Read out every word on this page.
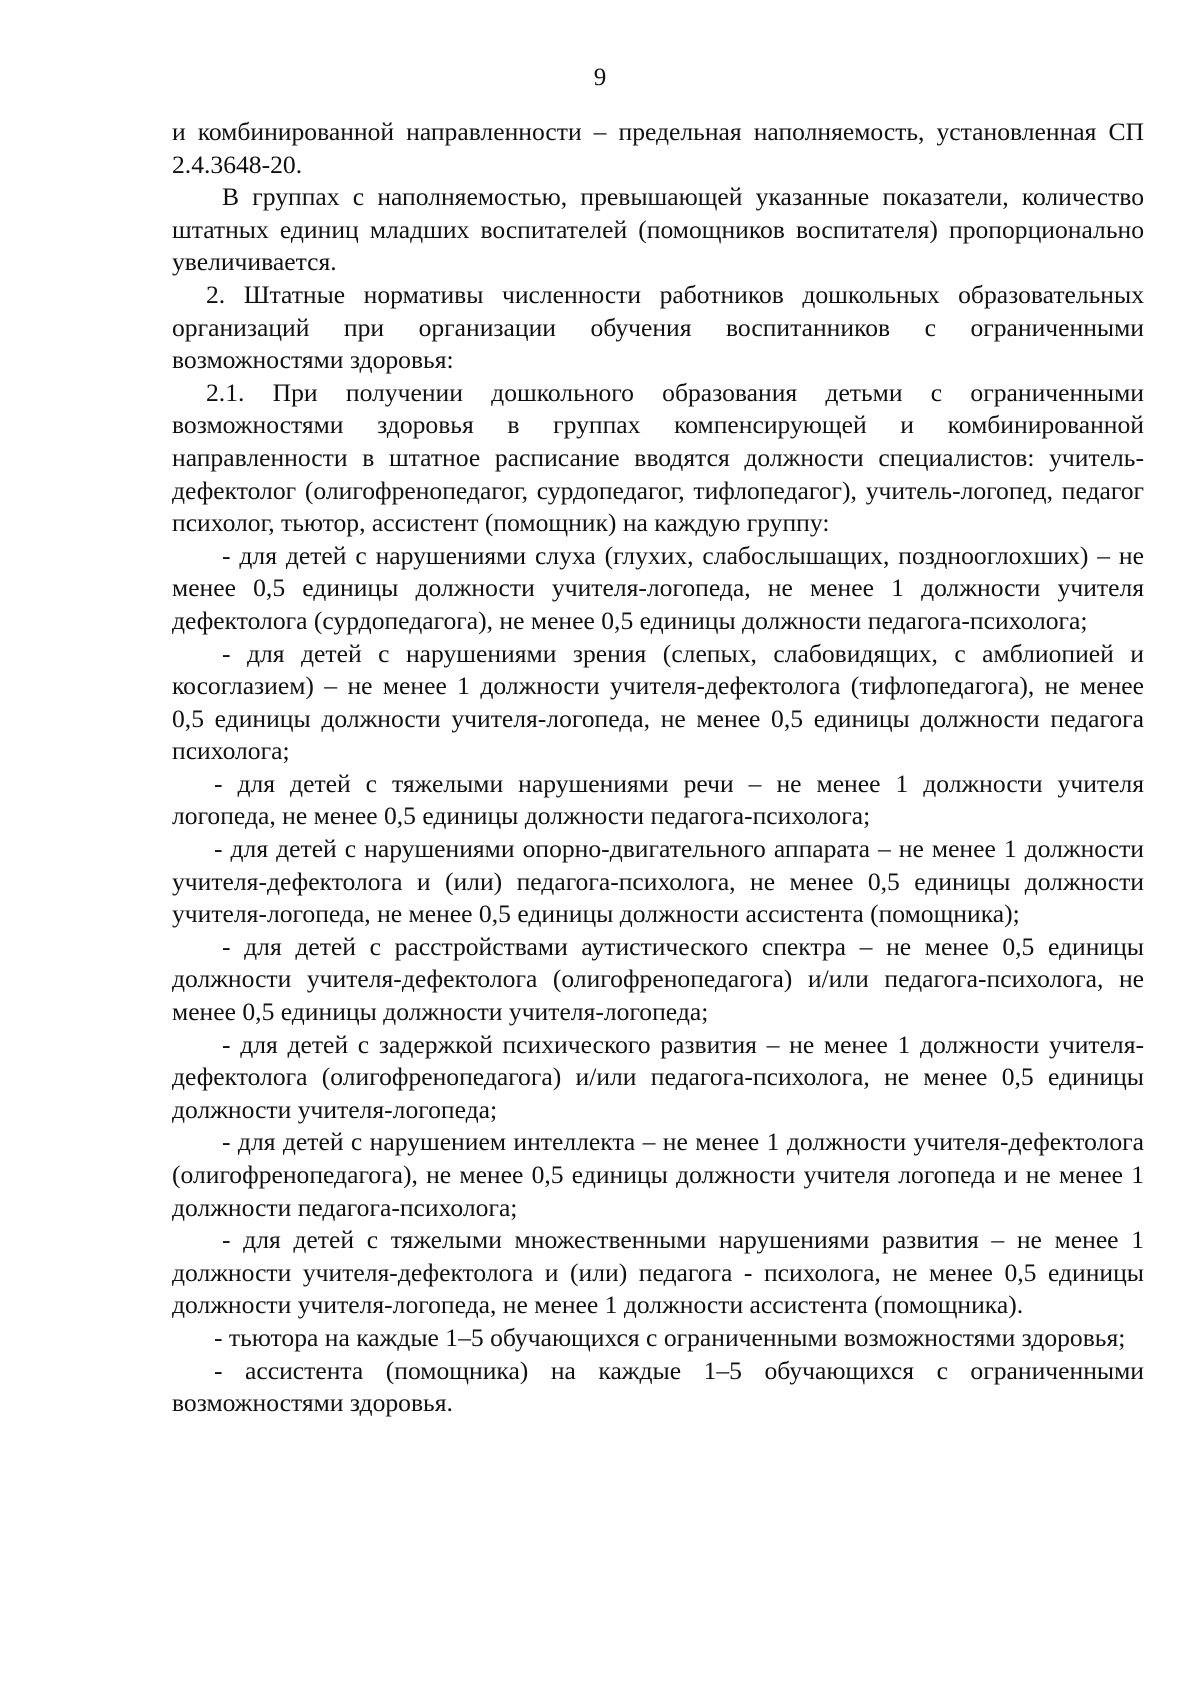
9

и комбинированной направленности – предельная наполняемость, установленная СП 2.4.3648-20.

В группах с наполняемостью, превышающей указанные показатели, количество штатных единиц младших воспитателей (помощников воспитателя) пропорционально увеличивается.

2. Штатные нормативы численности работников дошкольных образовательных организаций при организации обучения воспитанников с ограниченными возможностями здоровья:

2.1. При получении дошкольного образования детьми с ограниченными возможностями здоровья в группах компенсирующей и комбинированной направленности в штатное расписание вводятся должности специалистов: учитель-дефектолог (олигофренопедагог, сурдопедагог, тифлопедагог), учитель-логопед, педагог психолог, тьютор, ассистент (помощник) на каждую группу:

- для детей с нарушениями слуха (глухих, слабослышащих, позднооглохших) – не менее 0,5 единицы должности учителя-логопеда, не менее 1 должности учителя дефектолога (сурдопедагога), не менее 0,5 единицы должности педагога-психолога;

- для детей с нарушениями зрения (слепых, слабовидящих, с амблиопией и косоглазием) – не менее 1 должности учителя-дефектолога (тифлопедагога), не менее 0,5 единицы должности учителя-логопеда, не менее 0,5 единицы должности педагога психолога;

- для детей с тяжелыми нарушениями речи – не менее 1 должности учителя логопеда, не менее 0,5 единицы должности педагога-психолога;

- для детей с нарушениями опорно-двигательного аппарата – не менее 1 должности учителя-дефектолога и (или) педагога-психолога, не менее 0,5 единицы должности учителя-логопеда, не менее 0,5 единицы должности ассистента (помощника);

- для детей с расстройствами аутистического спектра – не менее 0,5 единицы должности учителя-дефектолога (олигофренопедагога) и/или педагога-психолога, не менее 0,5 единицы должности учителя-логопеда;

- для детей с задержкой психического развития – не менее 1 должности учителя-дефектолога (олигофренопедагога) и/или педагога-психолога, не менее 0,5 единицы должности учителя-логопеда;

- для детей с нарушением интеллекта – не менее 1 должности учителя-дефектолога (олигофренопедагога), не менее 0,5 единицы должности учителя логопеда и не менее 1 должности педагога-психолога;

- для детей с тяжелыми множественными нарушениями развития – не менее 1 должности учителя-дефектолога и (или) педагога - психолога, не менее 0,5 единицы должности учителя-логопеда, не менее 1 должности ассистента (помощника).

- тьютора на каждые 1–5 обучающихся с ограниченными возможностями здоровья;

- ассистента (помощника) на каждые 1–5 обучающихся с ограниченными возможностями здоровья.
